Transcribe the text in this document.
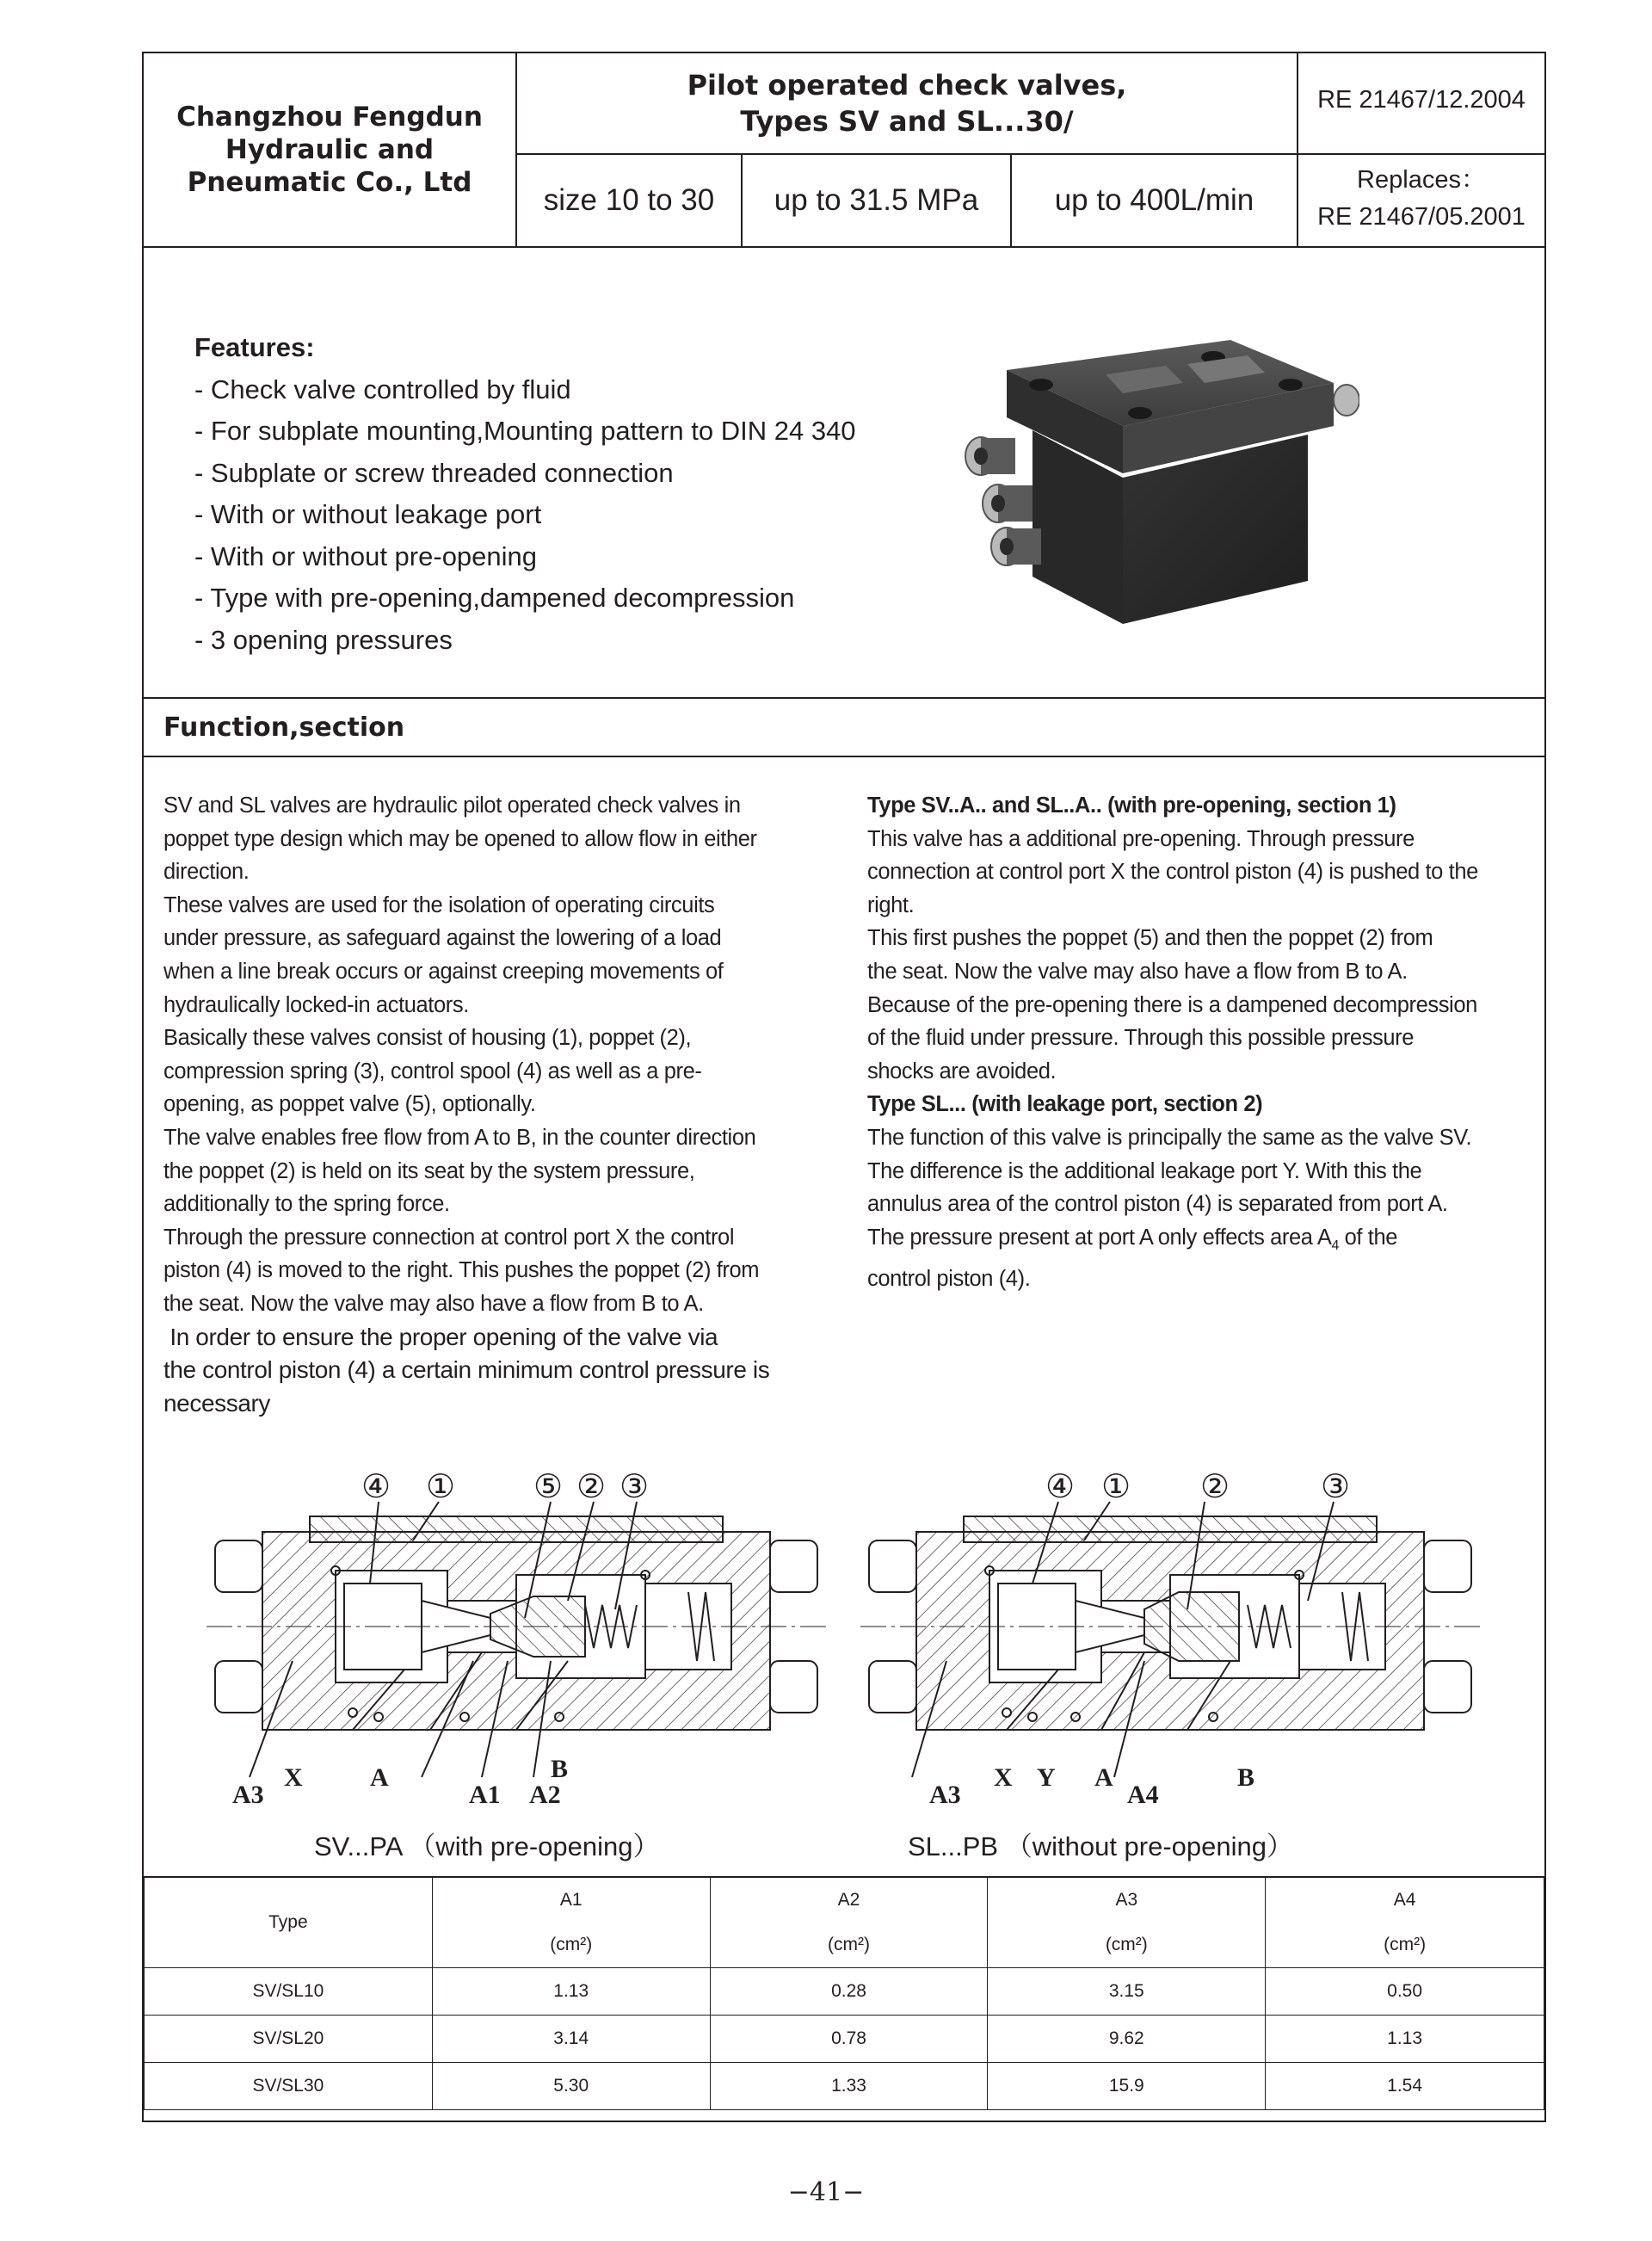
Changzhou Fengdun
Hydraulic and
Pneumatic Co., Ltd
Pilot operated check valves,
Types SV and SL...30/
size 10 to 30	up to 31.5 MPa	up to 400L/min
RE 21467/12.2004
Replaces：
RE 21467/05.2001
Features:
- Check valve controlled by fluid
- For subplate mounting,Mounting pattern to DIN 24 340
- Subplate or screw threaded connection
- With or without leakage port
- With or without pre-opening
- Type with pre-opening,dampened decompression
- 3 opening pressures
Function,section

SV and SL valves are hydraulic pilot operated check valves in

poppet type design which may be opened to allow flow in either

direction.

These valves are used for the isolation of operating circuits

under pressure, as safeguard against the lowering of a load

when a line break occurs or against creeping movements of

hydraulically locked-in actuators.

Basically these valves consist of housing (1), poppet (2),

compression spring (3), control spool (4) as well as a pre-

opening, as poppet valve (5), optionally.

The valve enables free flow from A to B, in the counter direction

the poppet (2) is held on its seat by the system pressure,

additionally to the spring force.

Through the pressure connection at control port X the control

piston (4) is moved to the right. This pushes the poppet (2) from

the seat. Now the valve may also have a flow from B to A.

In order to ensure the proper opening of the valve via

the control piston (4) a certain minimum control pressure is

necessary

Type SV..A.. and SL..A.. (with pre-opening, section 1)

This valve has a additional pre-opening. Through pressure

connection at control port X the control piston (4) is pushed to the

right.

This first pushes the poppet (5) and then the poppet (2) from

the seat. Now the valve may also have a flow from B to A.

Because of the pre-opening there is a dampened decompression

of the fluid under pressure. Through this possible pressure

shocks are avoided.

Type SL... (with leakage port, section 2)

The function of this valve is principally the same as the valve SV.

The difference is the additional leakage port Y. With this the

annulus area of the control piston (4) is separated from port A.

The pressure present at port A only effects area $A_4$ of the

control piston (4).

④ ① ⑤ ② ③
A3
X	A
A1 A2
B
SV...PA （with pre-opening）
④ ① ②	③
A3
X Y A
A4
B
SL...PB （without pre-opening）
Type	A1	A2	A3	A4
	(cm²)	(cm²)	(cm²)	(cm²)
SV/SL10	1.13	0.28	3.15	0.50
SV/SL20	3.14	0.78	9.62	1.13
SV/SL30	5.30	1.33	15.9	1.54
−41−
